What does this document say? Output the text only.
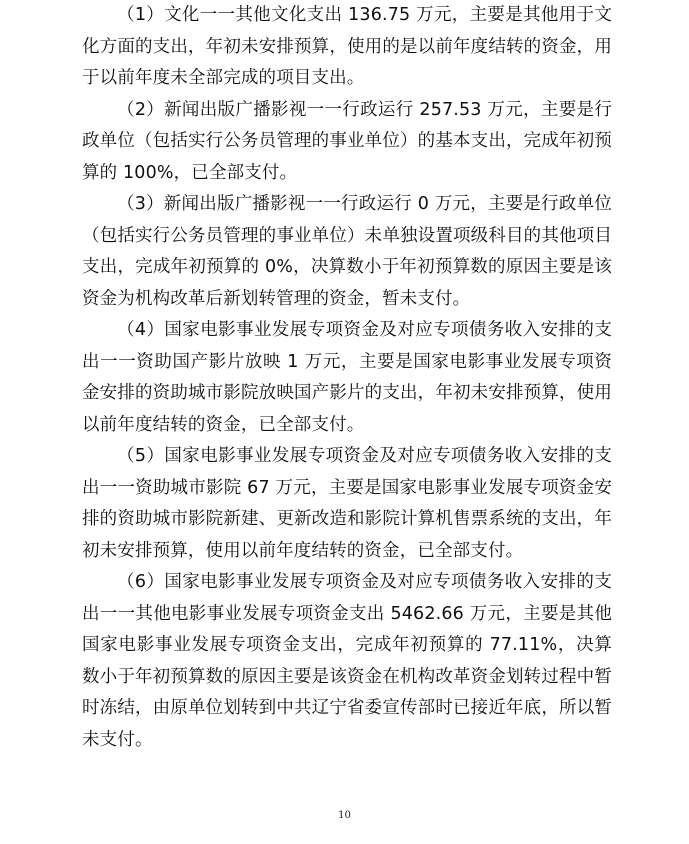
（1）文化一一其他文化支出 136.75 万元，主要是其他用于文化方面的支出，年初未安排预算，使用的是以前年度结转的资金，用于以前年度未全部完成的项目支出。

（2）新闻出版广播影视一一行政运行 257.53 万元，主要是行政单位（包括实行公务员管理的事业单位）的基本支出，完成年初预算的 100%，已全部支付。

（3）新闻出版广播影视一一行政运行 0 万元，主要是行政单位（包括实行公务员管理的事业单位）未单独设置项级科目的其他项目支出，完成年初预算的 0%，决算数小于年初预算数的原因主要是该资金为机构改革后新划转管理的资金，暂未支付。

（4）国家电影事业发展专项资金及对应专项债务收入安排的支出一一资助国产影片放映 1 万元，主要是国家电影事业发展专项资金安排的资助城市影院放映国产影片的支出，年初未安排预算，使用以前年度结转的资金，已全部支付。

（5）国家电影事业发展专项资金及对应专项债务收入安排的支出一一资助城市影院 67 万元，主要是国家电影事业发展专项资金安排的资助城市影院新建、更新改造和影院计算机售票系统的支出，年初未安排预算，使用以前年度结转的资金，已全部支付。

（6）国家电影事业发展专项资金及对应专项债务收入安排的支出一一其他电影事业发展专项资金支出 5462.66 万元，主要是其他国家电影事业发展专项资金支出，完成年初预算的 77.11%，决算数小于年初预算数的原因主要是该资金在机构改革资金划转过程中暂时冻结，由原单位划转到中共辽宁省委宣传部时已接近年底，所以暂未支付。

10
